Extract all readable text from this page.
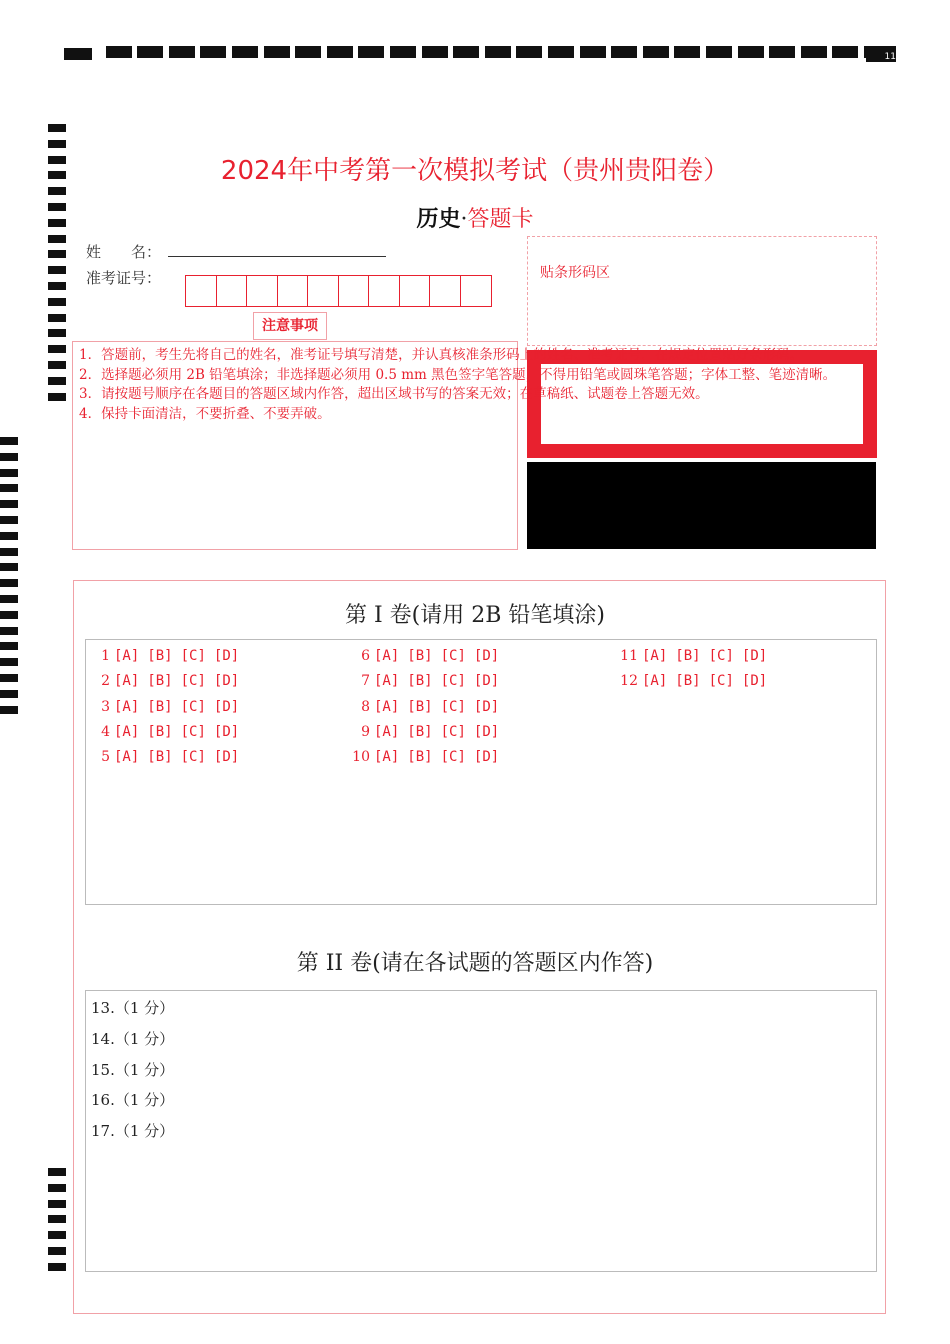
11
2024年中考第一次模拟考试（贵州贵阳卷）
历史·答题卡
姓　　名：
准考证号：
注意事项
贴条形码区
1．答题前，考生先将自己的姓名，准考证号填写清楚，并认真核准条形码上的姓名、准考证号，在规定位置贴好条形码。
2．选择题必须用 2B 铅笔填涂；非选择题必须用 0.5 mm 黑色签字笔答题，不得用铅笔或圆珠笔答题；字体工整、笔迹清晰。
3．请按题号顺序在各题目的答题区域内作答，超出区域书写的答案无效；在草稿纸、试题卷上答题无效。
4．保持卡面清洁，不要折叠、不要弄破。
第 I 卷(请用 2B 铅笔填涂)
1 [A] [B] [C] [D]
2 [A] [B] [C] [D]
3 [A] [B] [C] [D]
4 [A] [B] [C] [D]
5 [A] [B] [C] [D]
6 [A] [B] [C] [D]
7 [A] [B] [C] [D]
8 [A] [B] [C] [D]
9 [A] [B] [C] [D]
10 [A] [B] [C] [D]
11 [A] [B] [C] [D]
12 [A] [B] [C] [D]
第 II 卷(请在各试题的答题区内作答)
13.（1 分）
14.（1 分）
15.（1 分）
16.（1 分）
17.（1 分）
